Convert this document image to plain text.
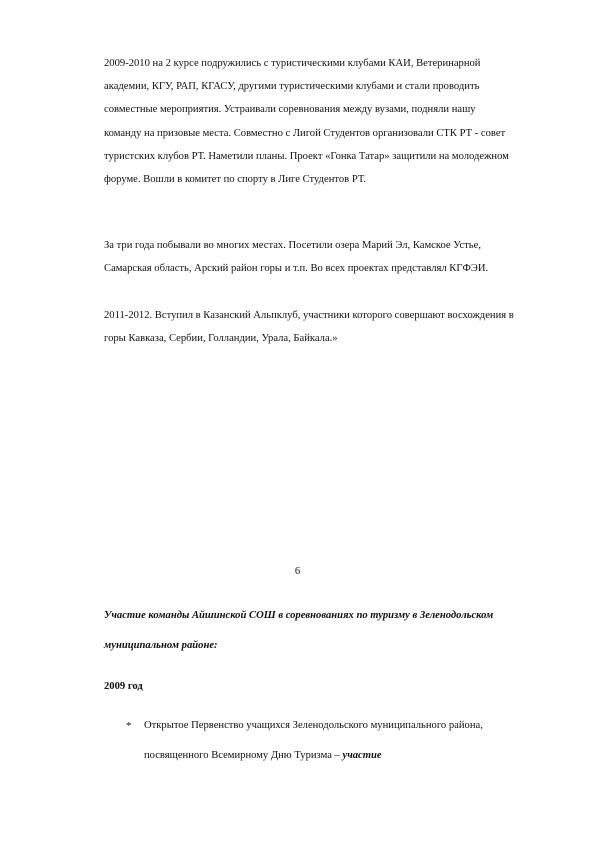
2009-2010 на 2 курсе подружились с туристическими клубами КАИ, Ветеринарной
академии, КГУ, РАП, КГАСУ, другими туристическими клубами и стали проводить
совместные мероприятия. Устраивали соревнования между вузами, подняли нашу
команду на призовые места. Совместно с Лигой Студентов организовали СТК РТ - совет
туристских клубов РТ. Наметили планы. Проект «Гонка Татар» защитили на молодежном
форуме. Вошли в комитет по спорту в Лиге Студентов РТ.

За три года побывали во многих местах. Посетили озера Марий Эл, Камское Устье,
Самарская область, Арский район горы и т.п. Во всех проектах представлял КГФЭИ.

2011-2012. Вступил в Казанский Альпклуб, участники которого совершают восхождения в
горы Кавказа, Сербии, Голландии, Урала, Байкала.»

6
Участие команды Айшинской СОШ в соревнованиях по туризму в Зеленодольском
муниципальном районе:
2009 год
* Открытое Первенство учащихся Зеленодольского муниципального района,
посвященного Всемирному Дню Туризма – участие
